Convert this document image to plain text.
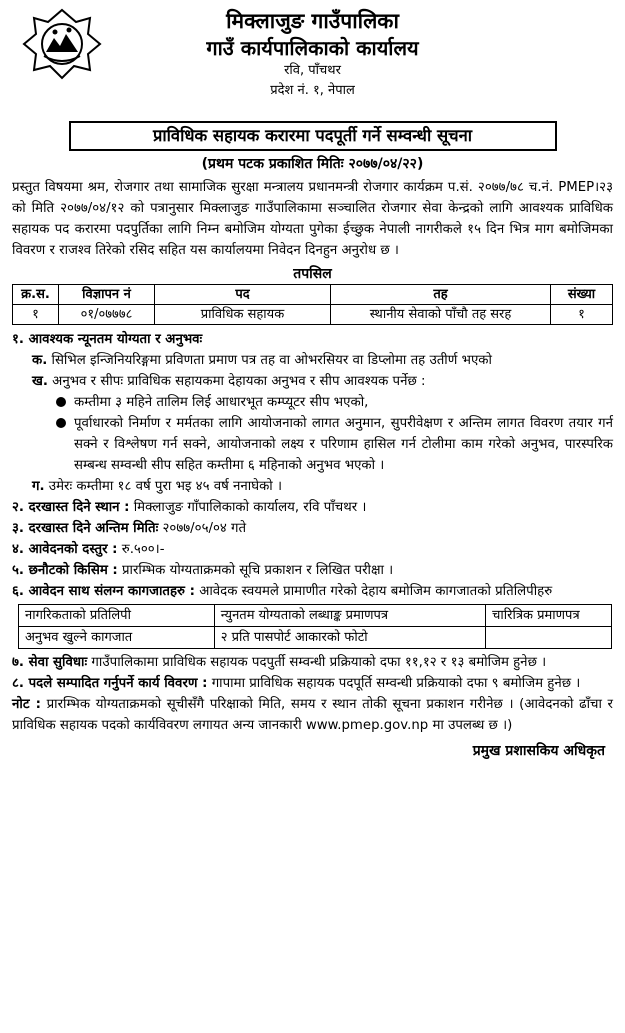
मिक्लाजुङ गाउँपालिका
गाउँ कार्यपालिकाको कार्यालय
रवि, पाँचथर
प्रदेश नं. १, नेपाल
प्राविधिक सहायक करारमा पदपूर्ती गर्ने सम्वन्धी सूचना
(प्रथम पटक प्रकाशित मितिः २०७७/०४/२२)
प्रस्तुत विषयमा श्रम, रोजगार तथा सामाजिक सुरक्षा मन्त्रालय प्रधानमन्त्री रोजगार कार्यक्रम प.सं. २०७७/७८ च.नं. PMEP।२३ को मिति २०७७/०४/१२ को पत्रानुसार मिक्लाजुङ गाउँपालिकामा सञ्चालित रोजगार सेवा केन्द्रको लागि आवश्यक प्राविधिक सहायक पद करारमा पदपुर्तिका लागि निम्न बमोजिम योग्यता पुगेका ईच्छुक नेपाली नागरीकले १५ दिन भित्र माग बमोजिमका विवरण र राजश्व तिरेको रसिद सहित यस कार्यालयमा निवेदन दिनहुन अनुरोध छ ।
तपसिल
क्र.स.	विज्ञापन नं	पद	तह	संख्या
१	०१/०७७७८	प्राविधिक सहायक	स्थानीय सेवाको पाँचौ तह सरह	१
१. आवश्यक न्यूनतम योग्यता र अनुभवः
क. सिभिल इन्जिनियरिङ्गमा प्रविणता प्रमाण पत्र तह वा ओभरसियर वा डिप्लोमा तह उतीर्ण भएको
ख. अनुभव र सीपः प्राविधिक सहायकमा देहायका अनुभव र सीप आवश्यक पर्नेछ :
कम्तीमा ३ महिने तालिम लिई आधारभूत कम्प्यूटर सीप भएको,
पूर्वाधारको निर्माण र मर्मतका लागि आयोजनाको लागत अनुमान, सुपरीवेक्षण र अन्तिम लागत विवरण तयार गर्न सक्ने र विश्लेषण गर्न सक्ने, आयोजनाको लक्ष्य र परिणाम हासिल गर्न टोलीमा काम गरेको अनुभव, पारस्परिक सम्बन्ध सम्वन्धी सीप सहित कम्तीमा ६ महिनाको अनुभव भएको ।
ग. उमेरः कम्तीमा १८ वर्ष पुरा भइ ४५ वर्ष ननाघेको ।
२. दरखास्त दिने स्थान : मिक्लाजुङ गाँपालिकाको कार्यालय, रवि पाँचथर ।
३. दरखास्त दिने अन्तिम मितिः २०७७/०५/०४ गते
४. आवेदनको दस्तुर : रु.५००।-
५. छनौटको किसिम : प्रारम्भिक योग्यताक्रमको सूचि प्रकाशन र लिखित परीक्षा ।
६. आवेदन साथ संलग्न कागजातहरु : आवेदक स्वयमले प्रामाणीत गरेको देहाय बमोजिम कागजातको प्रतिलिपीहरु
नागरिकताको प्रतिलिपी	न्युनतम योग्यताको लब्धाङ्क प्रमाणपत्र	चारित्रिक प्रमाणपत्र
अनुभव खुल्ने कागजात	२ प्रति पासपोर्ट आकारको फोटो	
७. सेवा सुविधाः गाउँपालिकामा प्राविधिक सहायक पदपुर्ती सम्वन्धी प्रक्रियाको दफा ११,१२ र १३ बमोजिम हुनेछ ।
८. पदले सम्पादित गर्नुपर्ने कार्य विवरण : गापामा प्राविधिक सहायक पदपूर्ति सम्वन्धी प्रक्रियाको दफा ९ बमोजिम हुनेछ ।
नोट : प्रारम्भिक योग्यताक्रमको सूचीसँगै परिक्षाको मिति, समय र स्थान तोकी सूचना प्रकाशन गरीनेछ । (आवेदनको ढाँचा र प्राविधिक सहायक पदको कार्यविवरण लगायत अन्य जानकारी www.pmep.gov.np मा उपलब्ध छ ।)
प्रमुख प्रशासकिय अधिकृत
